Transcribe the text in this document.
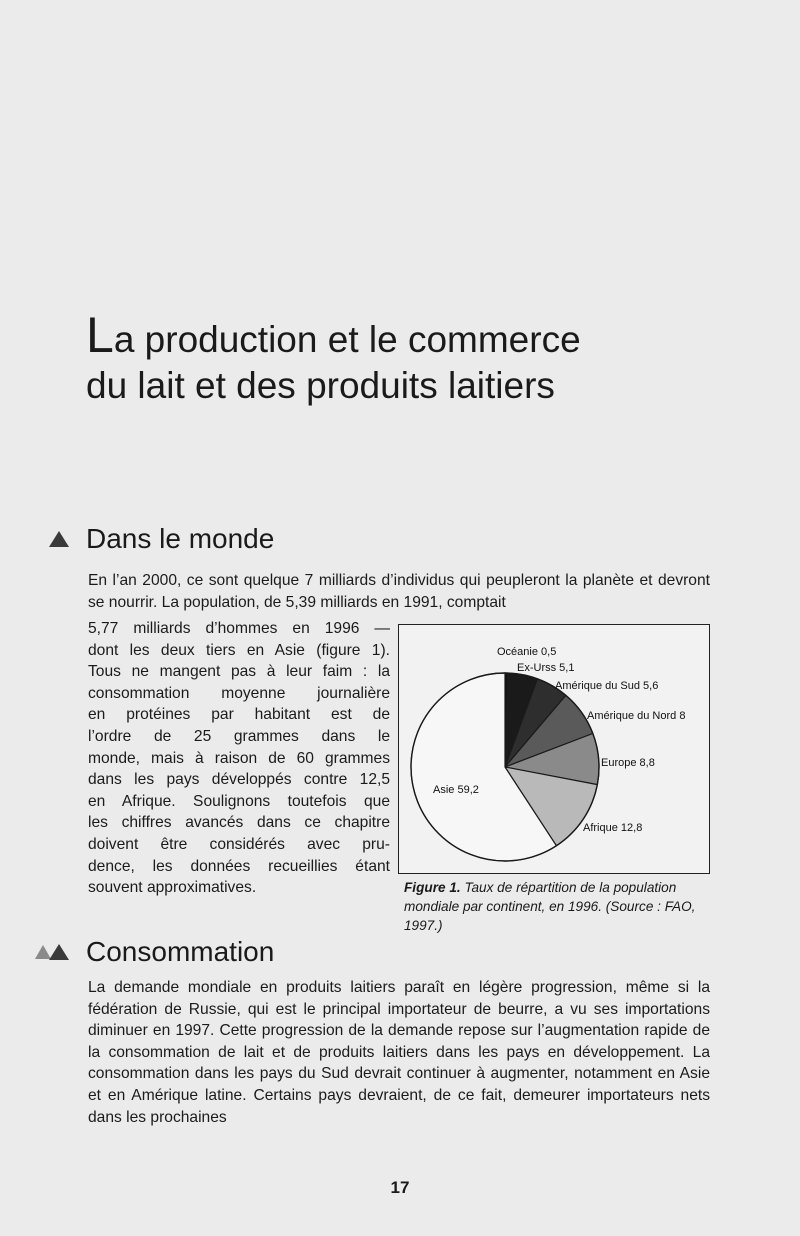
La production et le commerce
du lait et des produits laitiers
Dans le monde

En l’an 2000, ce sont quelque 7 milliards d’individus qui peupleront la planète et devront se nourrir. La population, de 5,39 milliards en 1991, comptait

5,77 milliards d’hommes en 1996 —

dont les deux tiers en Asie (figure 1).

Tous ne mangent pas à leur faim : la

consommation moyenne journalière

en protéines par habitant est de

l’ordre de 25 grammes dans le

monde, mais à raison de 60 grammes

dans les pays développés contre 12,5

en Afrique. Soulignons toutefois que

les chiffres avancés dans ce chapitre

doivent être considérés avec pru-

dence, les données recueillies étant

souvent approximatives.

Océanie 0,5
Ex-Urss 5,1
Amérique du Sud 5,6
Amérique du Nord 8
Europe 8,8
Afrique 12,8
Asie 59,2
Figure 1. Taux de répartition de la population mondiale par continent, en 1996. (Source : FAO, 1997.)
Consommation

La demande mondiale en produits laitiers paraît en légère progression, même si la fédération de Russie, qui est le principal importateur de beurre, a vu ses importations diminuer en 1997. Cette progression de la demande repose sur l’augmentation rapide de la consommation de lait et de produits laitiers dans les pays en développement. La consommation dans les pays du Sud devrait continuer à augmenter, notamment en Asie et en Amérique latine. Certains pays devraient, de ce fait, demeurer importateurs nets dans les prochaines

17
